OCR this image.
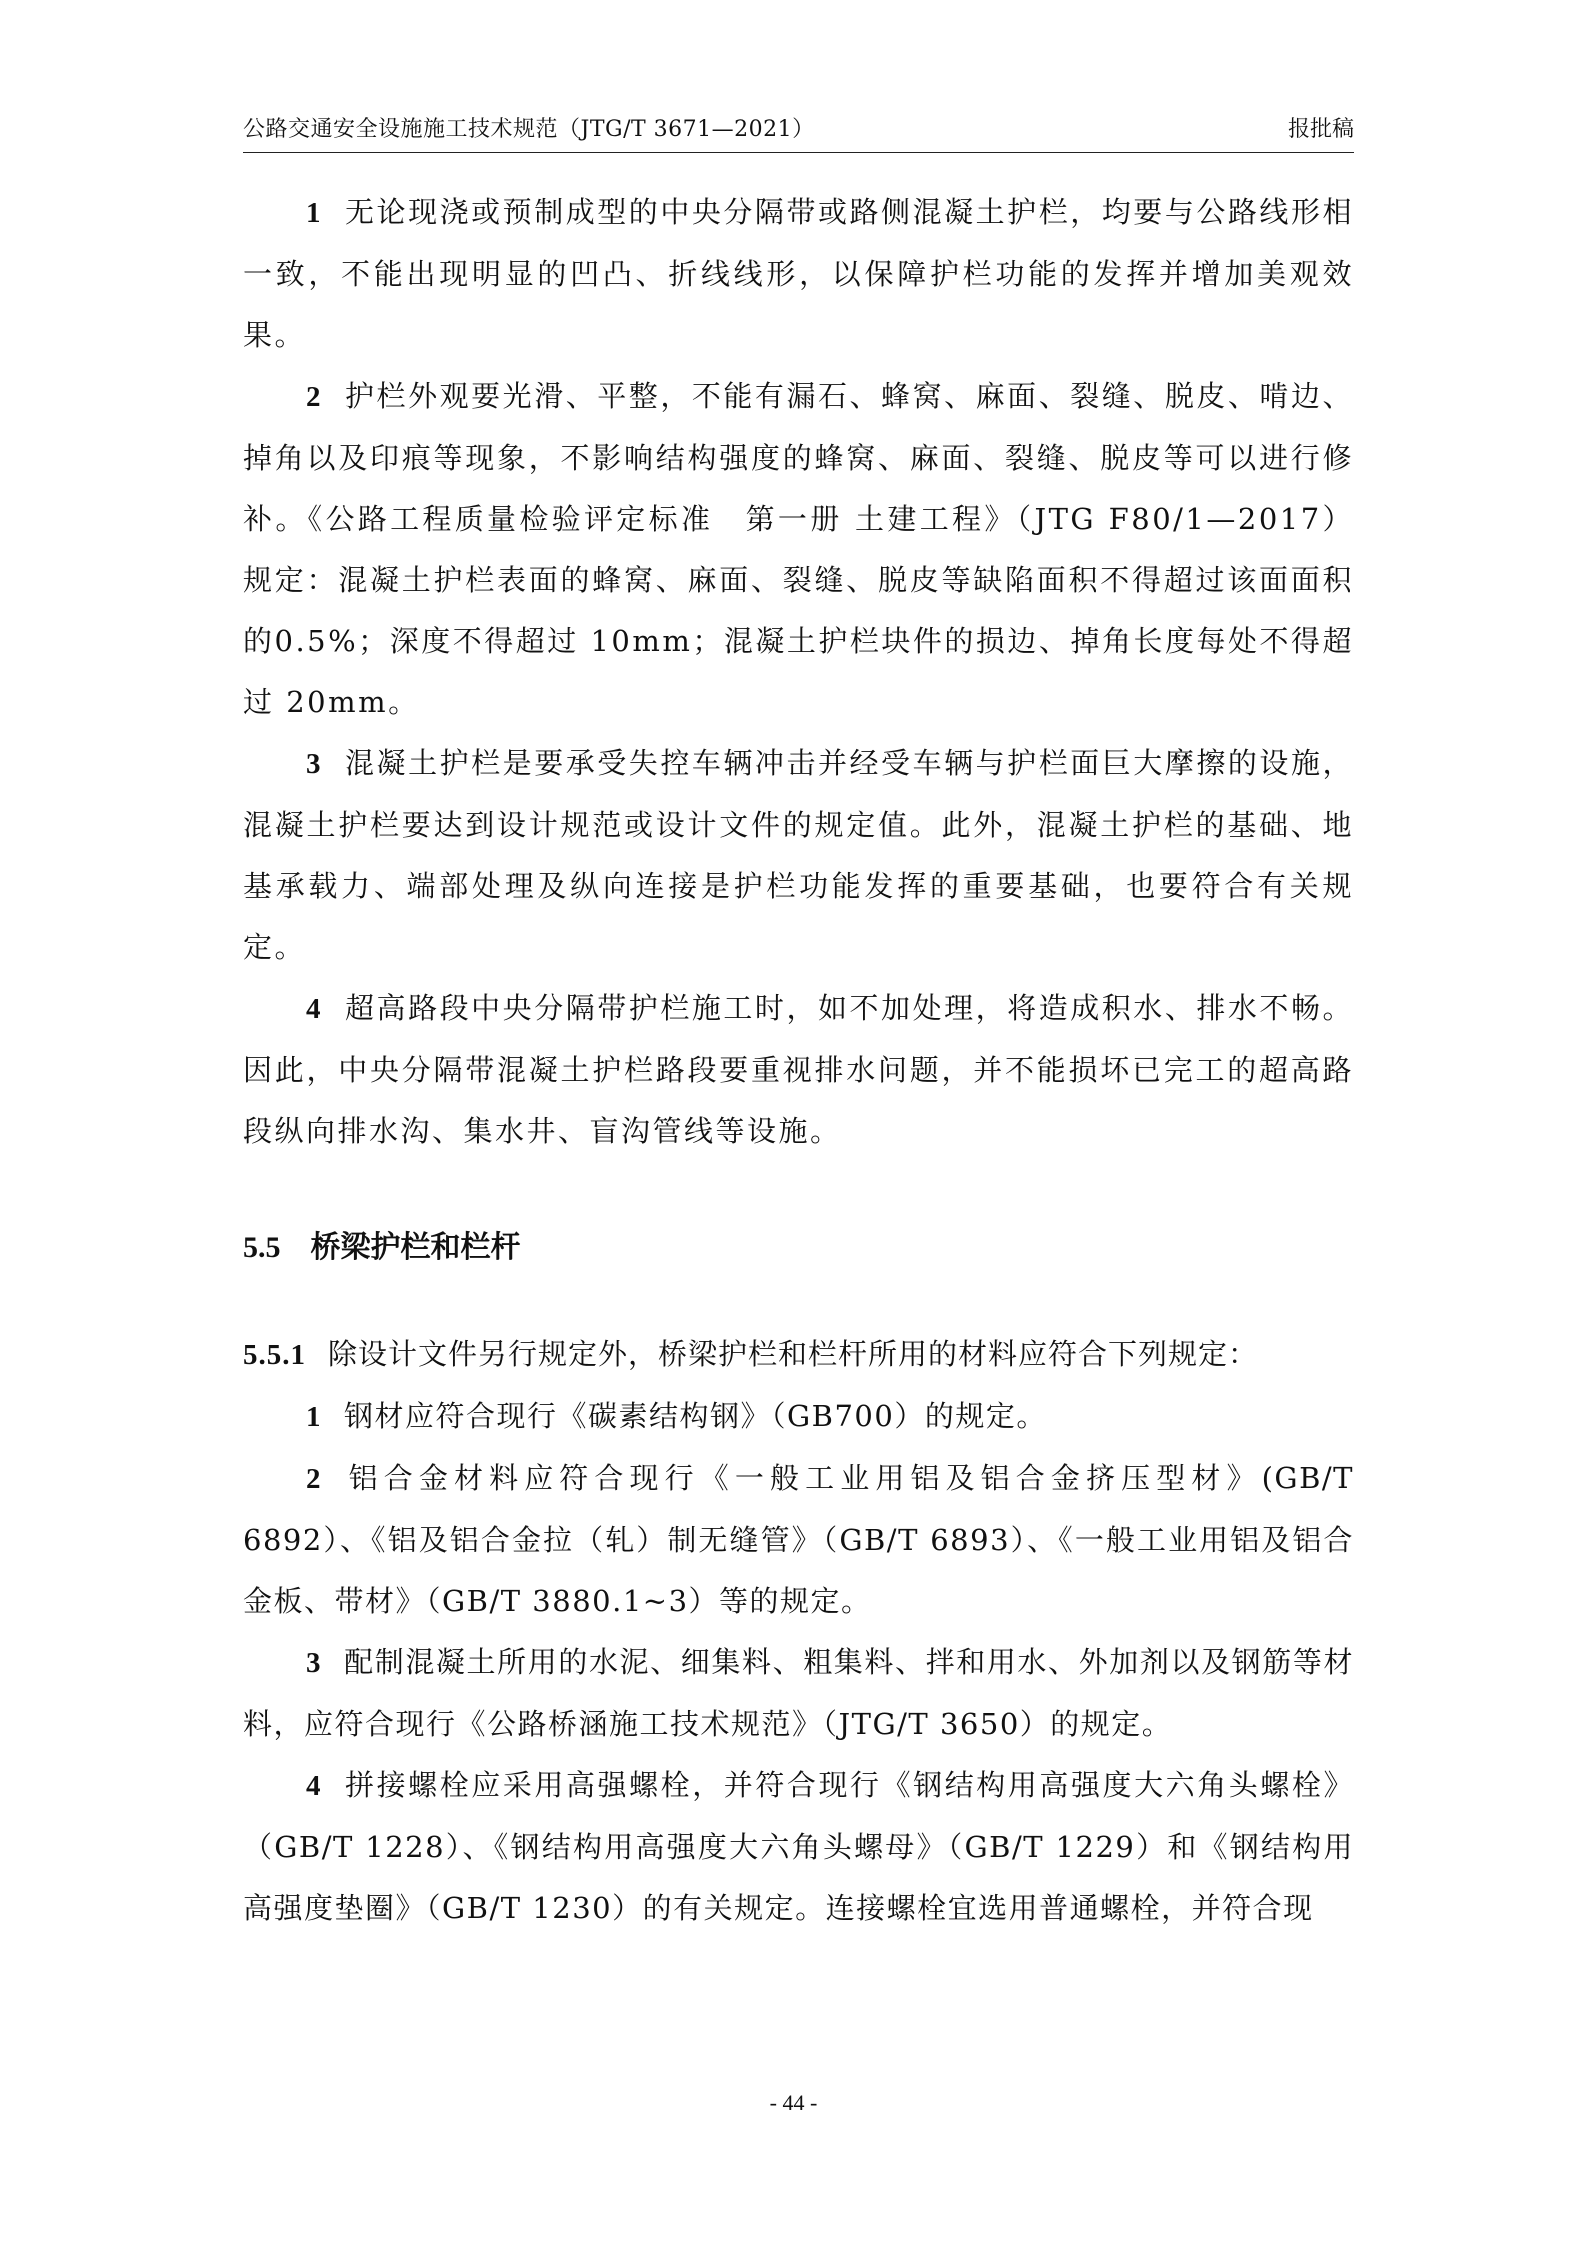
公路交通安全设施施工技术规范（JTG/T 3671—2021）	报批稿

1 无论现浇或预制成型的中央分隔带或路侧混凝土护栏，均要与公路线形相一致，不能出现明显的凹凸、折线线形，以保障护栏功能的发挥并增加美观效果。

2 护栏外观要光滑、平整，不能有漏石、蜂窝、麻面、裂缝、脱皮、啃边、掉角以及印痕等现象，不影响结构强度的蜂窝、麻面、裂缝、脱皮等可以进行修补。《公路工程质量检验评定标准　第一册 土建工程》（JTG F80/1—2017）规定：混凝土护栏表面的蜂窝、麻面、裂缝、脱皮等缺陷面积不得超过该面面积的0.5%；深度不得超过 10mm；混凝土护栏块件的损边、掉角长度每处不得超过 20mm。

3 混凝土护栏是要承受失控车辆冲击并经受车辆与护栏面巨大摩擦的设施，混凝土护栏要达到设计规范或设计文件的规定值。此外，混凝土护栏的基础、地基承载力、端部处理及纵向连接是护栏功能发挥的重要基础，也要符合有关规定。

4 超高路段中央分隔带护栏施工时，如不加处理，将造成积水、排水不畅。因此，中央分隔带混凝土护栏路段要重视排水问题，并不能损坏已完工的超高路段纵向排水沟、集水井、盲沟管线等设施。

5.5 桥梁护栏和栏杆

5.5.1 除设计文件另行规定外，桥梁护栏和栏杆所用的材料应符合下列规定：

1 钢材应符合现行《碳素结构钢》（GB700）的规定。

2 铝合金材料应符合现行《一般工业用铝及铝合金挤压型材》(GB/T 6892）、《铝及铝合金拉（轧）制无缝管》（GB/T 6893）、《一般工业用铝及铝合金板、带材》（GB/T 3880.1~3）等的规定。

3 配制混凝土所用的水泥、细集料、粗集料、拌和用水、外加剂以及钢筋等材料，应符合现行《公路桥涵施工技术规范》（JTG/T 3650）的规定。

4 拼接螺栓应采用高强螺栓，并符合现行《钢结构用高强度大六角头螺栓》（GB/T 1228）、《钢结构用高强度大六角头螺母》（GB/T 1229）和《钢结构用高强度垫圈》（GB/T 1230）的有关规定。连接螺栓宜选用普通螺栓，并符合现

- 44 -
